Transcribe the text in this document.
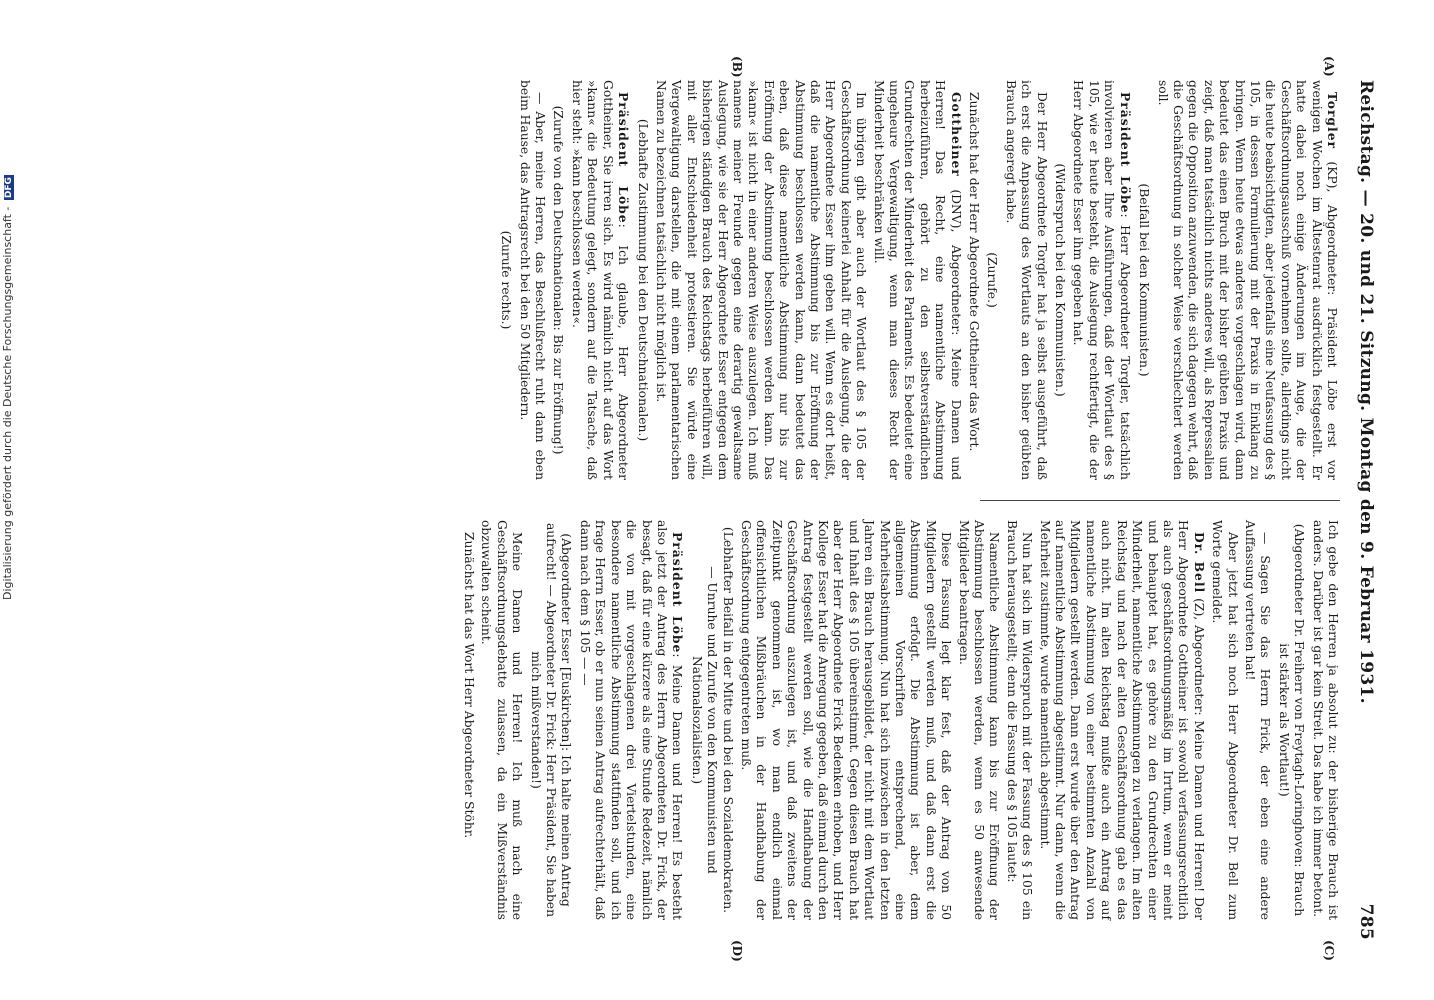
Reichstag. — 20. und 21. Sitzung. Montag den 9. Februar 1931.
785
(A)
(B)
(C)
(D)

Torgler (KP), Abgeordneter: Präsident Löbe erst vor wenigen Wochen im Ältestenrat ausdrücklich festgestellt. Er hatte dabei noch einige Änderungen im Auge, die der Geschäftsordnungsausschuß vornehmen sollte, allerdings nicht die heute beabsichtigten, aber jedenfalls eine Neufassung des § 105, in dessen Formulierung mit der Praxis in Einklang zu bringen. Wenn heute etwas anderes vorgeschlagen wird, dann bedeutet das einen Bruch mit der bisher geübten Praxis und zeigt, daß man tatsächlich nichts anderes will, als Repressalien gegen die Opposition anzuwenden, die sich dagegen wehrt, daß die Geschäftsordnung in solcher Weise verschlechtert werden soll.

(Beifall bei den Kommunisten.)

Präsident Löbe: Herr Abgeordneter Torgler, tatsächlich involvieren aber Ihre Ausführungen, daß der Wortlaut des § 105, wie er heute besteht, die Auslegung rechtfertigt, die der Herr Abgeordnete Esser ihm gegeben hat.

(Widerspruch bei den Kommunisten.)

Der Herr Abgeordnete Torgler hat ja selbst ausgeführt, daß ich erst die Anpassung des Wortlauts an den bisher geübten Brauch angeregt habe.

(Zurufe.)

Zunächst hat der Herr Abgeordnete Gottheiner das Wort.

Gottheiner (DNV), Abgeordneter: Meine Damen und Herren! Das Recht, eine namentliche Abstimmung herbeizuführen, gehört zu den selbstverständlichen Grundrechten der Minderheit des Parlaments. Es bedeutet eine ungeheure Vergewaltigung, wenn man dieses Recht der Minderheit beschränken will.

Im übrigen gibt aber auch der Wortlaut des § 105 der Geschäftsordnung keinerlei Anhalt für die Auslegung, die der Herr Abgeordnete Esser ihm geben will. Wenn es dort heißt, daß die namentliche Abstimmung bis zur Eröffnung der Abstimmung beschlossen werden kann, dann bedeutet das eben, daß diese namentliche Abstimmung nur bis zur Eröffnung der Abstimmung beschlossen werden kann. Das »kann« ist nicht in einer anderen Weise auszulegen. Ich muß namens meiner Freunde gegen eine derartig gewaltsame Auslegung, wie sie der Herr Abgeordnete Esser entgegen dem bisherigen ständigen Brauch des Reichstags herbeiführen will, mit aller Entschiedenheit protestieren. Sie würde eine Vergewaltigung darstellen, die mit einem parlamentarischen Namen zu bezeichnen tatsächlich nicht möglich ist.

(Lebhafte Zustimmung bei den Deutschnationalen.)

Präsident Löbe: Ich glaube, Herr Abgeordneter Gottheiner, Sie irren sich. Es wird nämlich nicht auf das Wort »kann« die Bedeutung gelegt, sondern auf die Tatsache, daß hier steht: »kann beschlossen werden«.

(Zurufe von den Deutschnationalen: Bis zur Eröffnung!)

— Aber, meine Herren, das Beschlußrecht ruht dann eben beim Hause, das Antragsrecht bei den 50 Mitgliedern.

(Zurufe rechts.)

Ich gebe den Herren ja absolut zu: der bisherige Brauch ist anders. Darüber ist gar kein Streit. Das habe ich immer betont.

(Abgeordneter Dr. Freiherr von Freytagh-Loringhoven: Brauch ist stärker als Wortlaut!)

— Sagen Sie das Herrn Frick, der eben eine andere Auffassung vertreten hat!

Aber jetzt hat sich noch Herr Abgeordneter Dr. Bell zum Worte gemeldet.

Dr. Bell (Z), Abgeordneter: Meine Damen und Herren! Der Herr Abgeordnete Gottheiner ist sowohl verfassungsrechtlich als auch geschäftsordnungsmäßig im Irrtum, wenn er meint und behauptet hat, es gehöre zu den Grundrechten einer Minderheit, namentliche Abstimmungen zu verlangen. Im alten Reichstag und nach der alten Geschäftsordnung gab es das auch nicht. Im alten Reichstag mußte auch ein Antrag auf namentliche Abstimmung von einer bestimmten Anzahl von Mitgliedern gestellt werden. Dann erst wurde über den Antrag auf namentliche Abstimmung abgestimmt. Nur dann, wenn die Mehrheit zustimmte, wurde namentlich abgestimmt.

Nun hat sich im Widerspruch mit der Fassung des § 105 ein Brauch herausgestellt; denn die Fassung des § 105 lautet:

Namentliche Abstimmung kann bis zur Eröffnung der Abstimmung beschlossen werden, wenn es 50 anwesende Mitglieder beantragen.

Diese Fassung legt klar fest, daß der Antrag von 50 Mitgliedern gestellt werden muß, und daß dann erst die Abstimmung erfolgt. Die Abstimmung ist aber, dem allgemeinen Vorschriften entsprechend, eine Mehrheitsabstimmung. Nun hat sich inzwischen in den letzten Jahren ein Brauch herausgebildet, der nicht mit dem Wortlaut und Inhalt des § 105 übereinstimmt. Gegen diesen Brauch hat aber der Herr Abgeordnete Frick Bedenken erhoben, und Herr Kollege Esser hat die Anregung gegeben, daß einmal durch den Antrag festgestellt werden soll, wie die Handhabung der Geschäftsordnung auszulegen ist, und daß zweitens der Zeitpunkt genommen ist, wo man endlich einmal offensichtlichen Mißbräuchen in der Handhabung der Geschäftsordnung entgegentreten muß.

(Lebhafter Beifall in der Mitte und bei den Sozialdemokraten. — Unruhe und Zurufe von den Kommunisten und Nationalsozialisten.)

Präsident Löbe: Meine Damen und Herren! Es besteht also jetzt der Antrag des Herrn Abgeordneten Dr. Frick, der besagt, daß für eine kürzere als eine Stunde Redezeit, nämlich die von mit vorgeschlagenen drei Viertelstunden, eine besondere namentliche Abstimmung stattfinden soll, und ich frage Herrn Esser, ob er nun seinen Antrag aufrechterhält, daß dann nach dem § 105 — —

(Abgeordneter Esser [Euskirchen]: Ich halte meinen Antrag aufrecht! — Abgeordneter Dr. Frick: Herr Präsident, Sie haben mich mißverstanden!)

Meine Damen und Herren! Ich muß nach eine Geschäftsordnungsdebatte zulassen, da ein Mißverständnis obzuwalten scheint.

Zunächst hat das Wort Herr Abgeordneter Stöhr.

Digitalisierung gefördert durch die Deutsche Forschungsgemeinschaft - DFG
